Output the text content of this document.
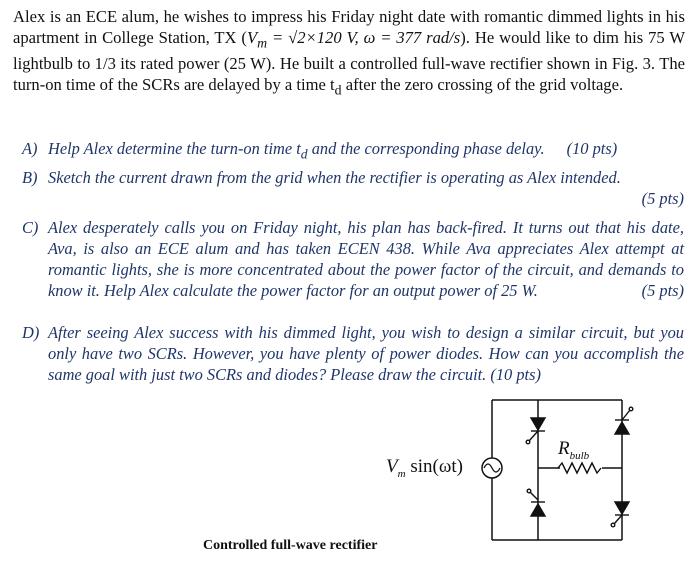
Alex is an ECE alum, he wishes to impress his Friday night date with romantic dimmed lights in his apartment in College Station, TX ($V_m = √2\times 120$ V, ω = 377 rad/s). He would like to dim his 75 W lightbulb to 1/3 its rated power (25 W). He built a controlled full-wave rectifier shown in Fig. 3. The turn-on time of the SCRs are delayed by a time $t_d$ after the zero crossing of the grid voltage.

A) Help Alex determine the turn-on time $t_d$ and the corresponding phase delay. (10 pts)
B) Sketch the current drawn from the grid when the rectifier is operating as Alex intended.
(5 pts)
C) Alex desperately calls you on Friday night, his plan has back-fired. It turns out that his date, Ava, is also an ECE alum and has taken ECEN 438. While Ava appreciates Alex attempt at romantic lights, she is more concentrated about the power factor of the circuit, and demands to know it. Help Alex calculate the power factor for an output power of 25 W.	(5 pts)
D) After seeing Alex success with his dimmed light, you wish to design a similar circuit, but you only have two SCRs. However, you have plenty of power diodes. How can you accomplish the same goal with just two SCRs and diodes? Please draw the circuit. (10 pts)
$V_m$ sin(ωt)
$R_{bulb}$
Controlled full-wave rectifier
